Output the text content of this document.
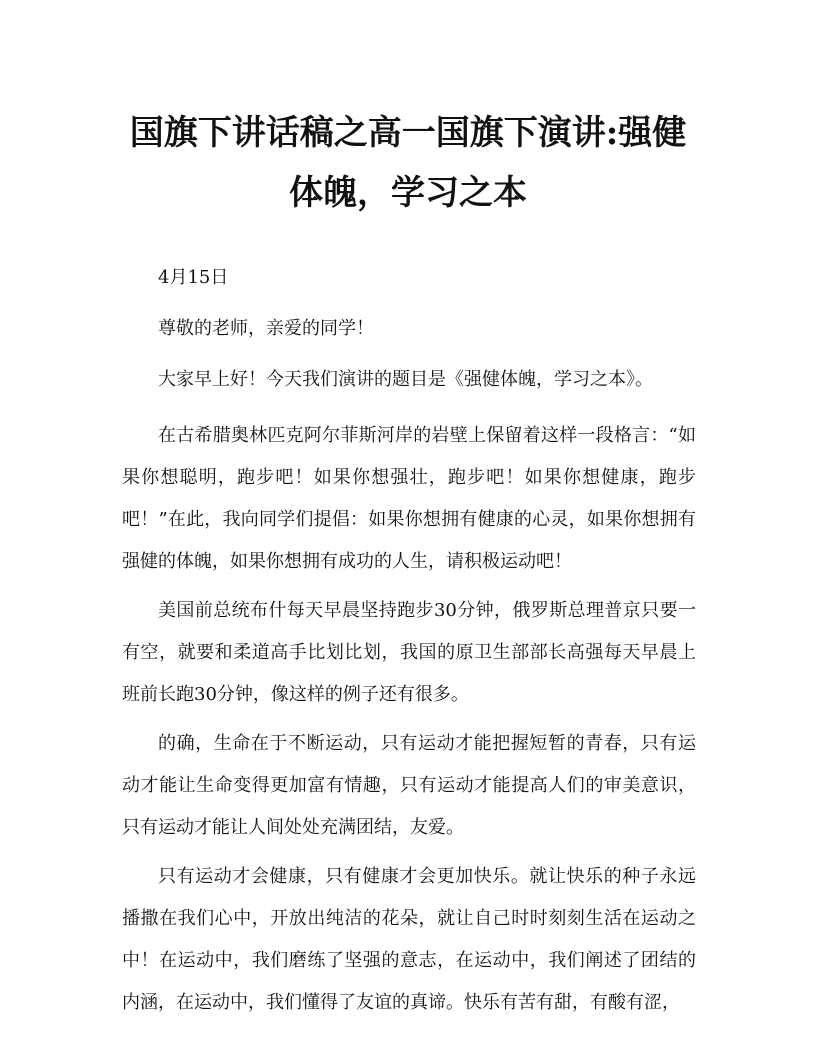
国旗下讲话稿之高一国旗下演讲:强健
体魄，学习之本

4月15日

尊敬的老师，亲爱的同学！

大家早上好！今天我们演讲的题目是《强健体魄，学习之本》。

在古希腊奥林匹克阿尔菲斯河岸的岩壁上保留着这样一段格言：“如果你想聪明，跑步吧！如果你想强壮，跑步吧！如果你想健康，跑步吧！”在此，我向同学们提倡：如果你想拥有健康的心灵，如果你想拥有强健的体魄，如果你想拥有成功的人生，请积极运动吧！

美国前总统布什每天早晨坚持跑步30分钟，俄罗斯总理普京只要一有空，就要和柔道高手比划比划，我国的原卫生部部长高强每天早晨上班前长跑30分钟，像这样的例子还有很多。

的确，生命在于不断运动，只有运动才能把握短暂的青春，只有运动才能让生命变得更加富有情趣，只有运动才能提高人们的审美意识，只有运动才能让人间处处充满团结，友爱。

只有运动才会健康，只有健康才会更加快乐。就让快乐的种子永远播撒在我们心中，开放出纯洁的花朵，就让自己时时刻刻生活在运动之中！在运动中，我们磨练了坚强的意志，在运动中，我们阐述了团结的内涵，在运动中，我们懂得了友谊的真谛。快乐有苦有甜，有酸有涩，
